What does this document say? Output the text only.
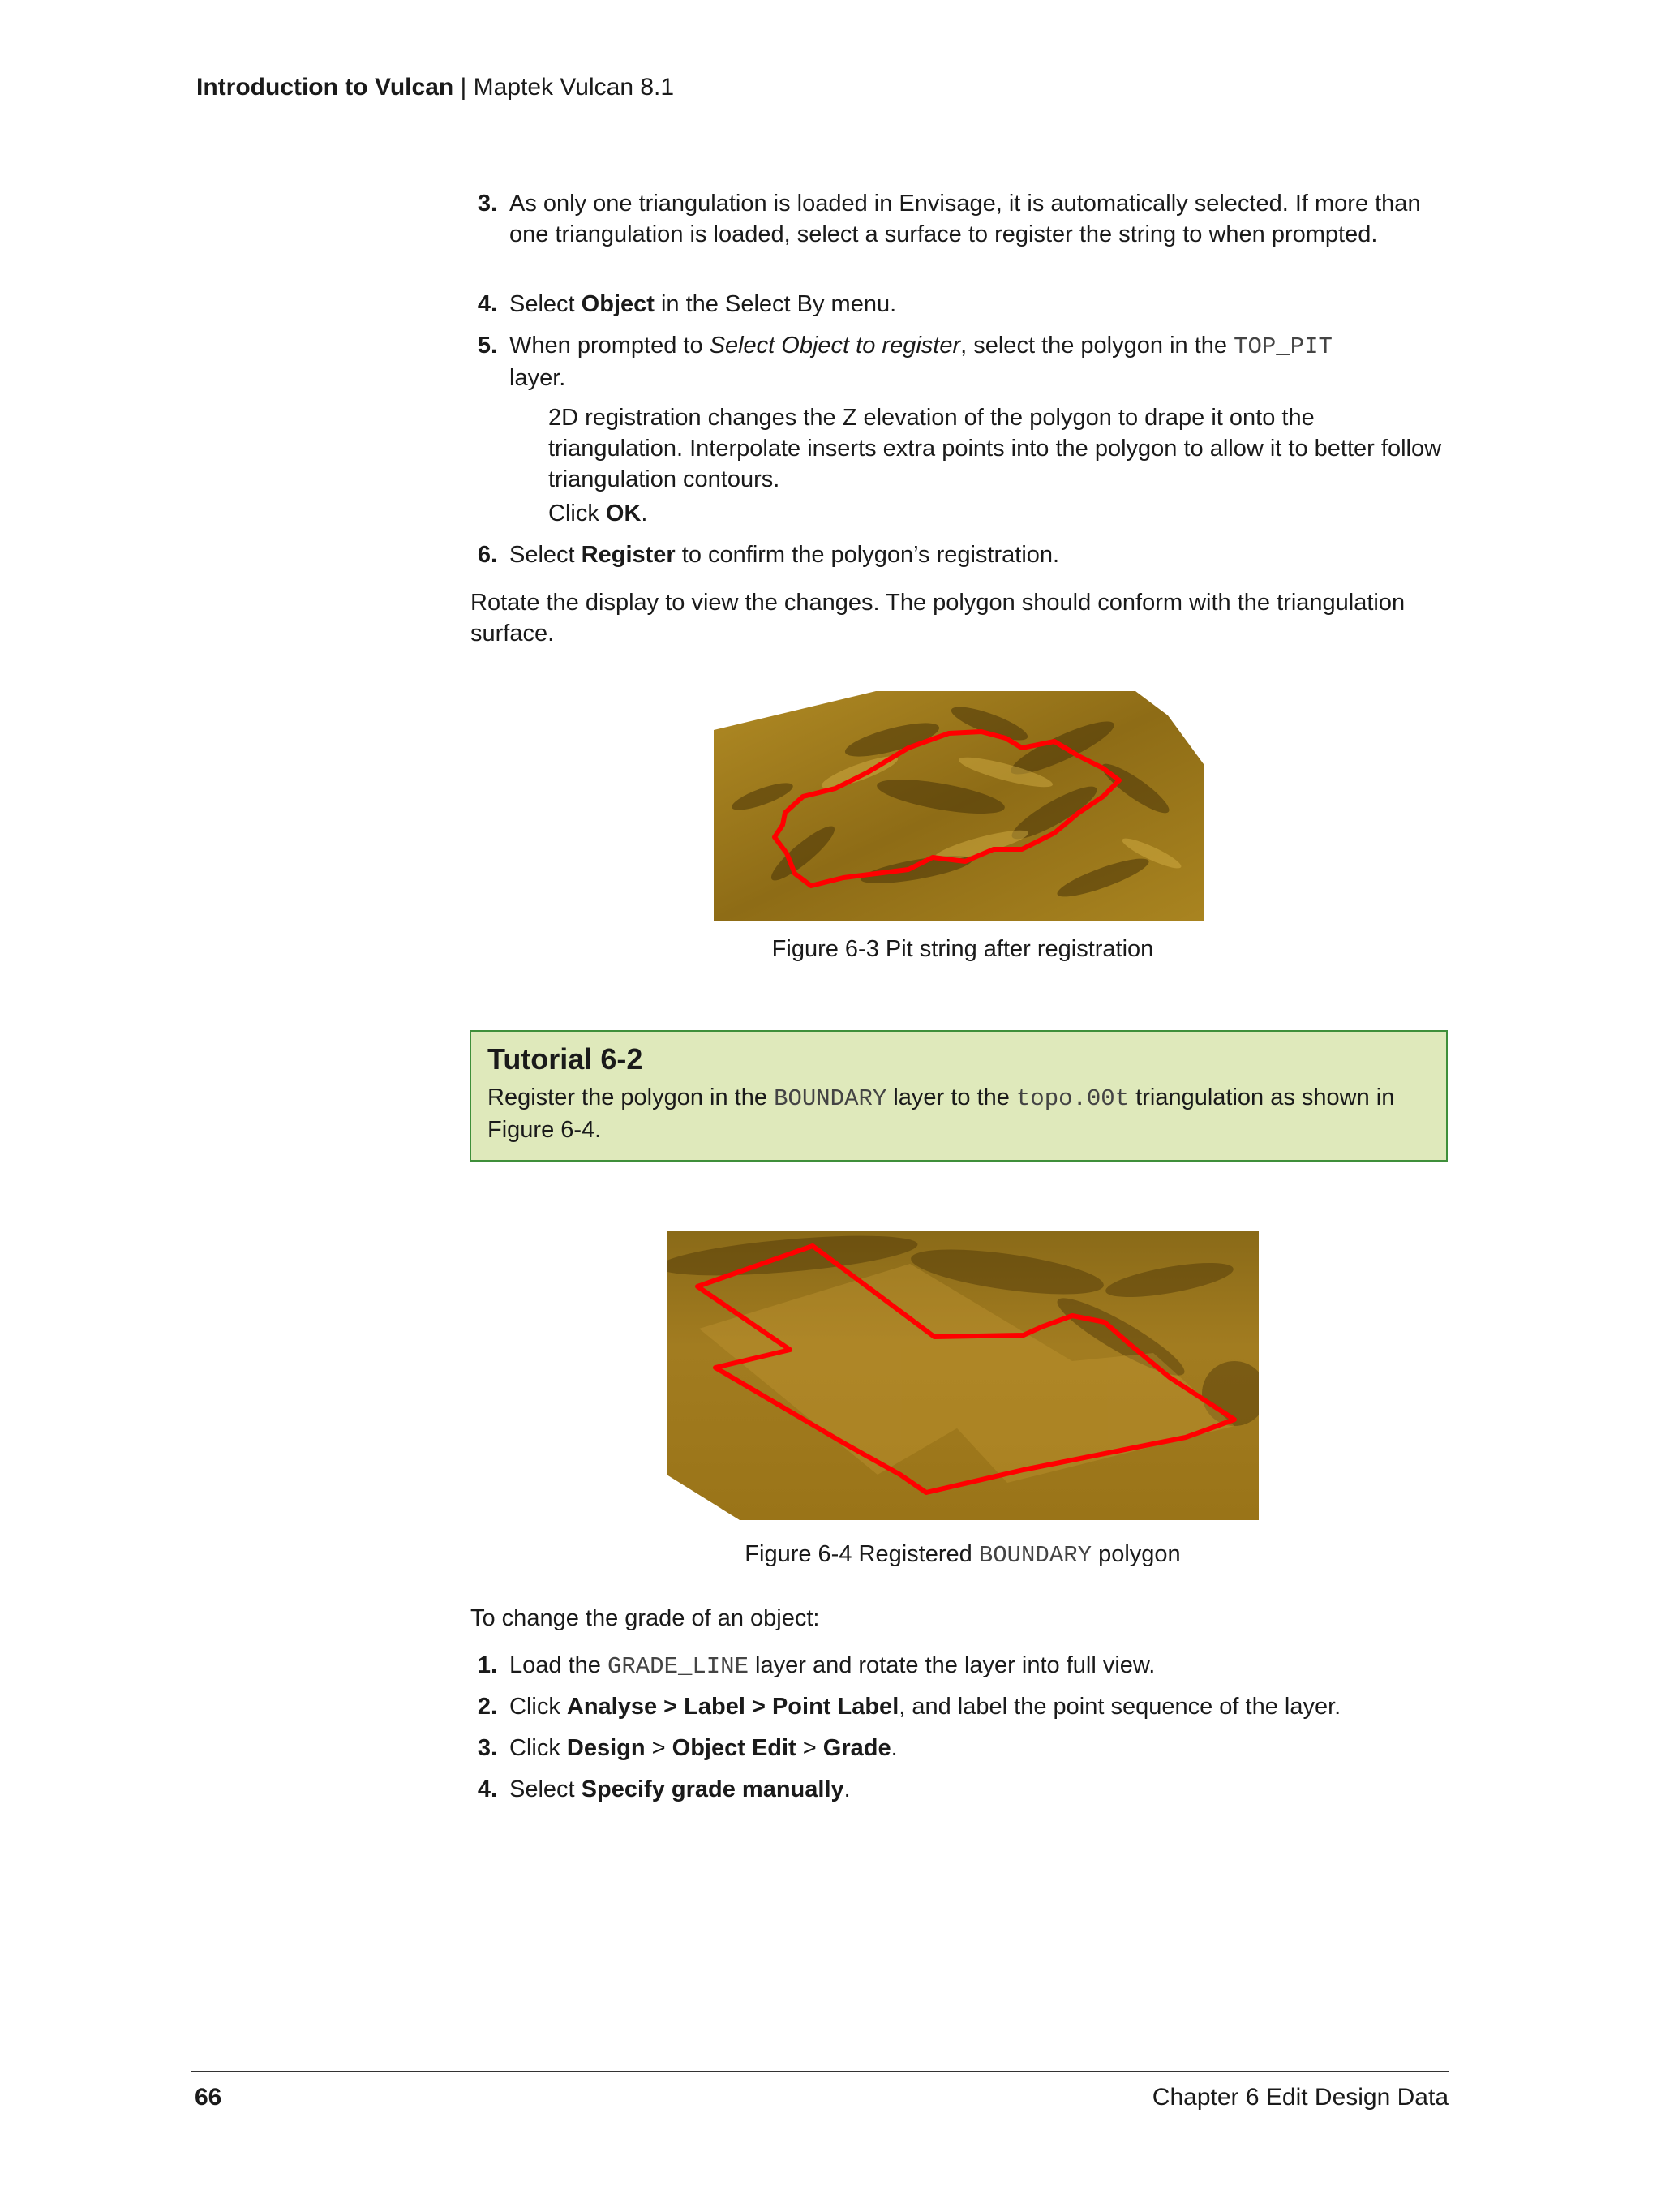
Introduction to Vulcan | Maptek Vulcan 8.1
3. As only one triangulation is loaded in Envisage, it is automatically selected. If more than one triangulation is loaded, select a surface to register the string to when prompted.
4. Select Object in the Select By menu.
5. When prompted to Select Object to register, select the polygon in the TOP_PIT
layer.
2D registration changes the Z elevation of the polygon to drape it onto the triangulation. Interpolate inserts extra points into the polygon to allow it to better follow triangulation contours.
Click OK.
6. Select Register to confirm the polygon’s registration.
Rotate the display to view the changes. The polygon should conform with the triangulation surface.
Figure 6-3 Pit string after registration
Tutorial 6-2

Register the polygon in the BOUNDARY layer to the topo.00t triangulation as shown in Figure 6-4.

Figure 6-4 Registered BOUNDARY polygon
To change the grade of an object:
1. Load the GRADE_LINE layer and rotate the layer into full view.
2. Click Analyse > Label > Point Label, and label the point sequence of the layer.
3. Click Design > Object Edit > Grade.
4. Select Specify grade manually.
66	Chapter 6 Edit Design Data
